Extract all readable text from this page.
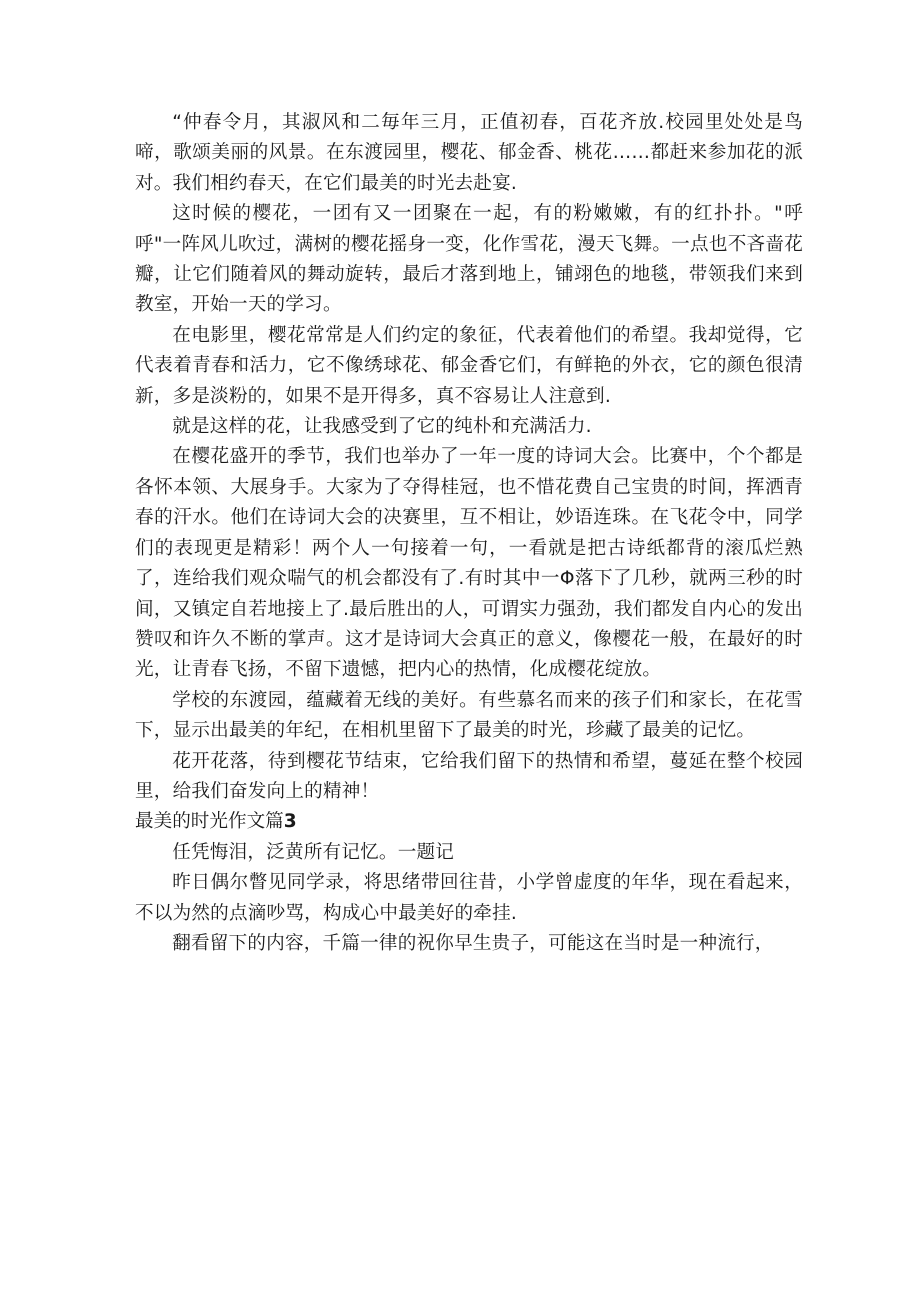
“仲春令月，其淑风和二毎年三月，正值初春，百花齐放.校园里处处是鸟啼，歌颂美丽的风景。在东渡园里，樱花、郁金香、桃花……都赶来参加花的派对。我们相约春天，在它们最美的时光去赴宴.

这时候的樱花，一团有又一团聚在一起，有的粉嫩嫩，有的红扑扑。"呼呼"一阵风儿吹过，满树的樱花摇身一变，化作雪花，漫天飞舞。一点也不吝啬花瓣，让它们随着风的舞动旋转，最后才落到地上，铺翊色的地毯，带领我们来到教室，开始一天的学习。

在电影里，樱花常常是人们约定的象征，代表着他们的希望。我却觉得，它代表着青春和活力，它不像绣球花、郁金香它们，有鲜艳的外衣，它的颜色很清新，多是淡粉的，如果不是开得多，真不容易让人注意到.

就是这样的花，让我感受到了它的纯朴和充满活力.

在樱花盛开的季节，我们也举办了一年一度的诗词大会。比赛中，个个都是各怀本领、大展身手。大家为了夺得桂冠，也不惜花费自己宝贵的时间，挥洒青春的汗水。他们在诗词大会的决赛里，互不相让，妙语连珠。在飞花令中，同学们的表现更是精彩！两个人一句接着一句，一看就是把古诗纸都背的滚瓜烂熟了，连给我们观众喘气的机会都没有了.有时其中一Φ落下了几秒，就两三秒的时间，又镇定自若地接上了.最后胜出的人，可谓实力强劲，我们都发自内心的发出赞叹和许久不断的掌声。这才是诗词大会真正的意义，像樱花一般，在最好的时光，让青春飞扬，不留下遗憾，把内心的热情，化成樱花绽放。

学校的东渡园，蕴藏着无线的美好。有些慕名而来的孩子们和家长，在花雪下，显示出最美的年纪，在相机里留下了最美的时光，珍藏了最美的记忆。

花开花落，待到樱花节结束，它给我们留下的热情和希望，蔓延在整个校园里，给我们奋发向上的精神！

最美的时光作文篇3

任凭悔泪，泛黄所有记忆。一题记

昨日偶尔瞥见同学录，将思绪带回往昔，小学曾虚度的年华，现在看起来，不以为然的点滴吵骂，构成心中最美好的牵挂.

翻看留下的内容，千篇一律的祝你早生贵子，可能这在当时是一种流行，
